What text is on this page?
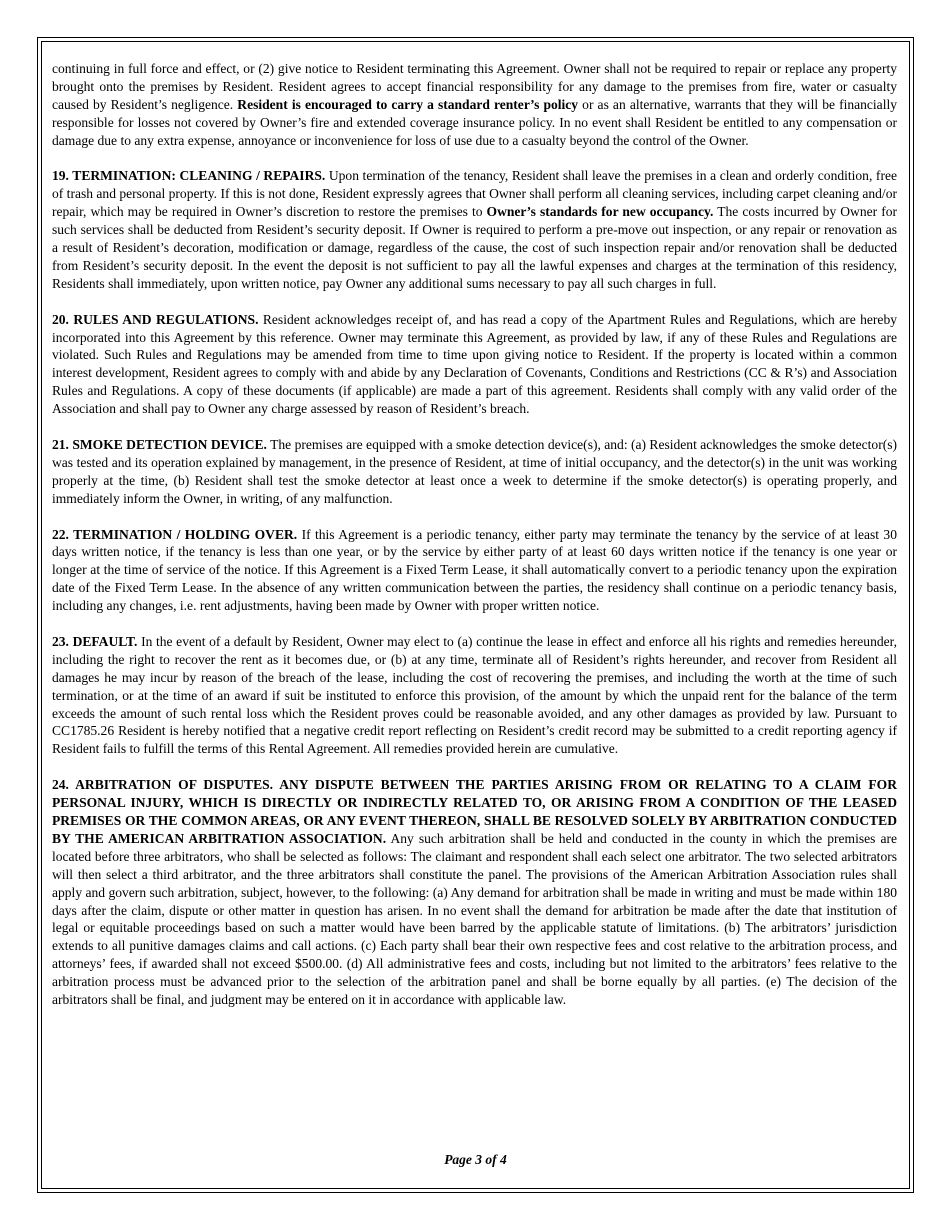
continuing in full force and effect, or (2) give notice to Resident terminating this Agreement. Owner shall not be required to repair or replace any property brought onto the premises by Resident. Resident agrees to accept financial responsibility for any damage to the premises from fire, water or casualty caused by Resident’s negligence. Resident is encouraged to carry a standard renter’s policy or as an alternative, warrants that they will be financially responsible for losses not covered by Owner’s fire and extended coverage insurance policy. In no event shall Resident be entitled to any compensation or damage due to any extra expense, annoyance or inconvenience for loss of use due to a casualty beyond the control of the Owner.

19. TERMINATION: CLEANING / REPAIRS. Upon termination of the tenancy, Resident shall leave the premises in a clean and orderly condition, free of trash and personal property. If this is not done, Resident expressly agrees that Owner shall perform all cleaning services, including carpet cleaning and/or repair, which may be required in Owner’s discretion to restore the premises to Owner’s standards for new occupancy. The costs incurred by Owner for such services shall be deducted from Resident’s security deposit. If Owner is required to perform a pre-move out inspection, or any repair or renovation as a result of Resident’s decoration, modification or damage, regardless of the cause, the cost of such inspection repair and/or renovation shall be deducted from Resident’s security deposit. In the event the deposit is not sufficient to pay all the lawful expenses and charges at the termination of this residency, Residents shall immediately, upon written notice, pay Owner any additional sums necessary to pay all such charges in full.

20. RULES AND REGULATIONS. Resident acknowledges receipt of, and has read a copy of the Apartment Rules and Regulations, which are hereby incorporated into this Agreement by this reference. Owner may terminate this Agreement, as provided by law, if any of these Rules and Regulations are violated. Such Rules and Regulations may be amended from time to time upon giving notice to Resident. If the property is located within a common interest development, Resident agrees to comply with and abide by any Declaration of Covenants, Conditions and Restrictions (CC & R’s) and Association Rules and Regulations. A copy of these documents (if applicable) are made a part of this agreement. Residents shall comply with any valid order of the Association and shall pay to Owner any charge assessed by reason of Resident’s breach.

21. SMOKE DETECTION DEVICE. The premises are equipped with a smoke detection device(s), and: (a) Resident acknowledges the smoke detector(s) was tested and its operation explained by management, in the presence of Resident, at time of initial occupancy, and the detector(s) in the unit was working properly at the time, (b) Resident shall test the smoke detector at least once a week to determine if the smoke detector(s) is operating properly, and immediately inform the Owner, in writing, of any malfunction.

22. TERMINATION / HOLDING OVER. If this Agreement is a periodic tenancy, either party may terminate the tenancy by the service of at least 30 days written notice, if the tenancy is less than one year, or by the service by either party of at least 60 days written notice if the tenancy is one year or longer at the time of service of the notice. If this Agreement is a Fixed Term Lease, it shall automatically convert to a periodic tenancy upon the expiration date of the Fixed Term Lease. In the absence of any written communication between the parties, the residency shall continue on a periodic tenancy basis, including any changes, i.e. rent adjustments, having been made by Owner with proper written notice.

23. DEFAULT. In the event of a default by Resident, Owner may elect to (a) continue the lease in effect and enforce all his rights and remedies hereunder, including the right to recover the rent as it becomes due, or (b) at any time, terminate all of Resident’s rights hereunder, and recover from Resident all damages he may incur by reason of the breach of the lease, including the cost of recovering the premises, and including the worth at the time of such termination, or at the time of an award if suit be instituted to enforce this provision, of the amount by which the unpaid rent for the balance of the term exceeds the amount of such rental loss which the Resident proves could be reasonable avoided, and any other damages as provided by law. Pursuant to CC1785.26 Resident is hereby notified that a negative credit report reflecting on Resident’s credit record may be submitted to a credit reporting agency if Resident fails to fulfill the terms of this Rental Agreement. All remedies provided herein are cumulative.

24. ARBITRATION OF DISPUTES. ANY DISPUTE BETWEEN THE PARTIES ARISING FROM OR RELATING TO A CLAIM FOR PERSONAL INJURY, WHICH IS DIRECTLY OR INDIRECTLY RELATED TO, OR ARISING FROM A CONDITION OF THE LEASED PREMISES OR THE COMMON AREAS, OR ANY EVENT THEREON, SHALL BE RESOLVED SOLELY BY ARBITRATION CONDUCTED BY THE AMERICAN ARBITRATION ASSOCIATION. Any such arbitration shall be held and conducted in the county in which the premises are located before three arbitrators, who shall be selected as follows: The claimant and respondent shall each select one arbitrator. The two selected arbitrators will then select a third arbitrator, and the three arbitrators shall constitute the panel. The provisions of the American Arbitration Association rules shall apply and govern such arbitration, subject, however, to the following: (a) Any demand for arbitration shall be made in writing and must be made within 180 days after the claim, dispute or other matter in question has arisen. In no event shall the demand for arbitration be made after the date that institution of legal or equitable proceedings based on such a matter would have been barred by the applicable statute of limitations. (b) The arbitrators’ jurisdiction extends to all punitive damages claims and call actions. (c) Each party shall bear their own respective fees and cost relative to the arbitration process, and attorneys’ fees, if awarded shall not exceed $500.00. (d) All administrative fees and costs, including but not limited to the arbitrators’ fees relative to the arbitration process must be advanced prior to the selection of the arbitration panel and shall be borne equally by all parties. (e) The decision of the arbitrators shall be final, and judgment may be entered on it in accordance with applicable law.

Page 3 of 4
